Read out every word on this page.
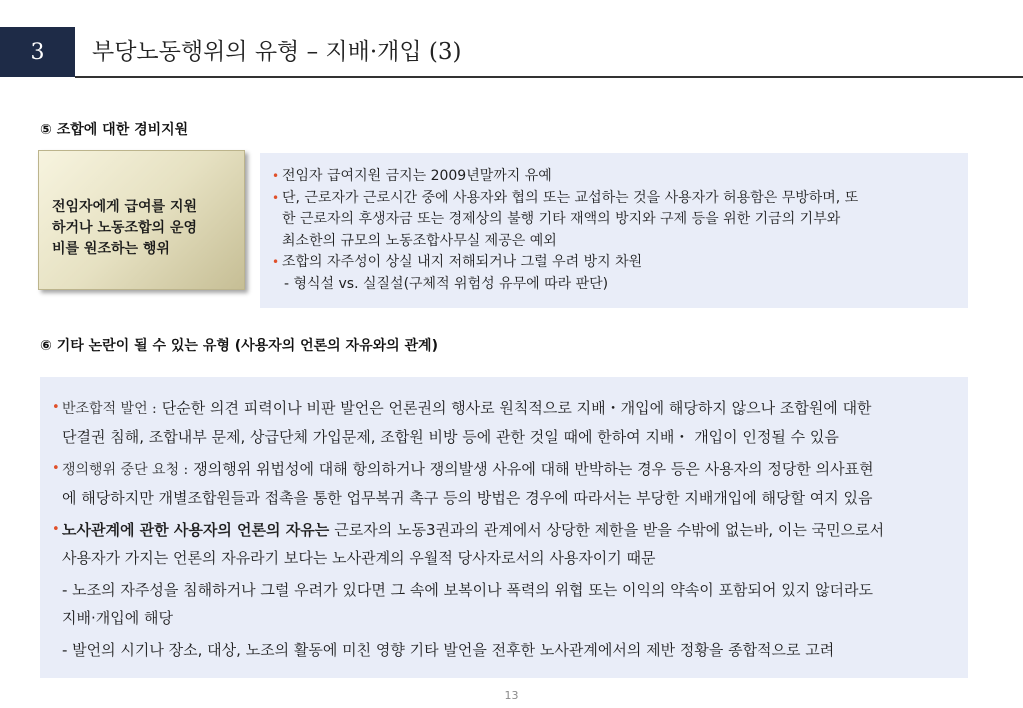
3 부당노동행위의 유형 – 지배·개입 (3)
⑤ 조합에 대한 경비지원
전임자에게 급여를 지원
하거나 노동조합의 운영
비를 원조하는 행위
• 전임자 급여지원 금지는 2009년말까지 유예
• 단, 근로자가 근로시간 중에 사용자와 협의 또는 교섭하는 것을 사용자가 허용함은 무방하며, 또
한 근로자의 후생자금 또는 경제상의 불행 기타 재액의 방지와 구제 등을 위한 기금의 기부와
최소한의 규모의 노동조합사무실 제공은 예외
• 조합의 자주성이 상실 내지 저해되거나 그럴 우려 방지 차원
- 형식설 vs. 실질설(구체적 위험성 유무에 따라 판단)
⑥ 기타 논란이 될 수 있는 유형 (사용자의 언론의 자유와의 관계)
• 반조합적 발언 : 단순한 의견 피력이나 비판 발언은 언론권의 행사로 원칙적으로 지배・개입에 해당하지 않으나 조합원에 대한
단결권 침해, 조합내부 문제, 상급단체 가입문제, 조합원 비방 등에 관한 것일 때에 한하여 지배・ 개입이 인정될 수 있음
• 쟁의행위 중단 요청 : 쟁의행위 위법성에 대해 항의하거나 쟁의발생 사유에 대해 반박하는 경우 등은 사용자의 정당한 의사표현
에 해당하지만 개별조합원들과 접촉을 통한 업무복귀 촉구 등의 방법은 경우에 따라서는 부당한 지배개입에 해당할 여지 있음
• 노사관계에 관한 사용자의 언론의 자유는 근로자의 노동3권과의 관계에서 상당한 제한을 받을 수밖에 없는바, 이는 국민으로서
사용자가 가지는 언론의 자유라기 보다는 노사관계의 우월적 당사자로서의 사용자이기 때문
- 노조의 자주성을 침해하거나 그럴 우려가 있다면 그 속에 보복이나 폭력의 위협 또는 이익의 약속이 포함되어 있지 않더라도
지배·개입에 해당
- 발언의 시기나 장소, 대상, 노조의 활동에 미친 영향 기타 발언을 전후한 노사관계에서의 제반 정황을 종합적으로 고려
13
